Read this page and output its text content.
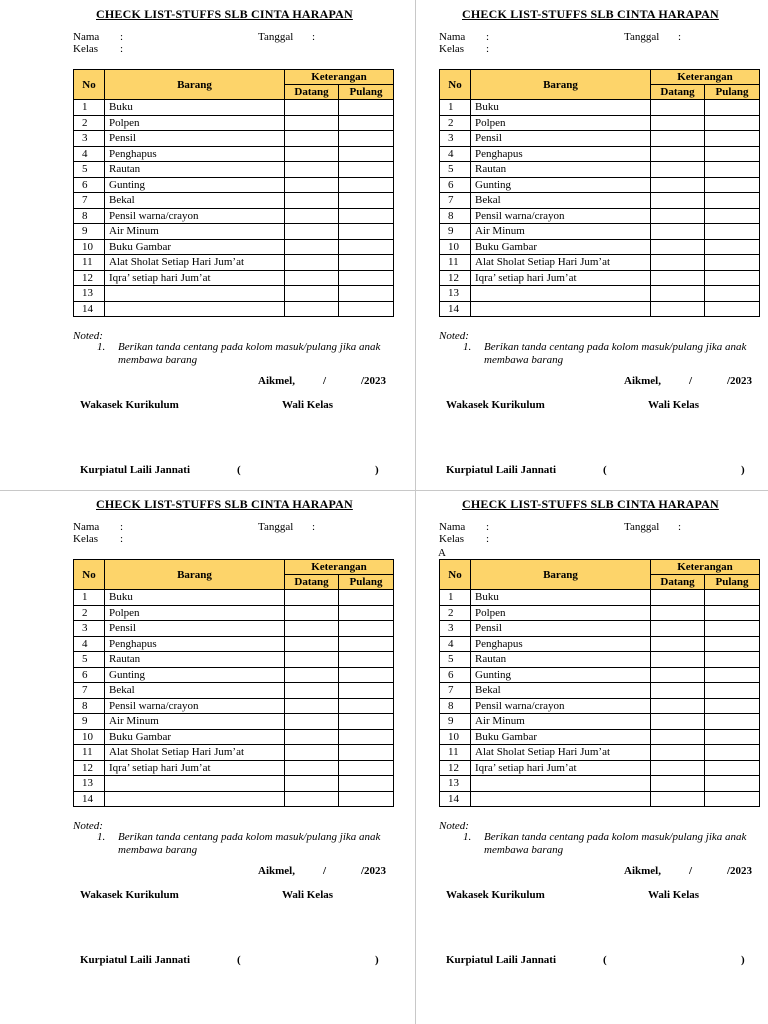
CHECK LIST-STUFFS SLB CINTA HARAPAN
Nama :	Tanggal :
Kelas :
No	Barang	Keterangan	
		Datang	Pulang
1	Buku		
2	Polpen		
3	Pensil		
4	Penghapus		
5	Rautan		
6	Gunting		
7	Bekal		
8	Pensil warna/crayon		
9	Air Minum		
10	Buku Gambar		
11	Alat Sholat Setiap Hari Jum’at		
12	Iqra’ setiap hari Jum’at		
13			
14			
Noted:
1. Berikan tanda centang pada kolom masuk/pulang jika anak membawa barang
Aikmel,	/	/2023
Wakasek Kurikulum	Wali Kelas
Kurpiatul Laili Jannati	(	)
CHECK LIST-STUFFS SLB CINTA HARAPAN
Nama :	Tanggal :
Kelas :
No	Barang	Keterangan	
		Datang	Pulang
1	Buku		
2	Polpen		
3	Pensil		
4	Penghapus		
5	Rautan		
6	Gunting		
7	Bekal		
8	Pensil warna/crayon		
9	Air Minum		
10	Buku Gambar		
11	Alat Sholat Setiap Hari Jum’at		
12	Iqra’ setiap hari Jum’at		
13			
14			
Noted:
1. Berikan tanda centang pada kolom masuk/pulang jika anak membawa barang
Aikmel,	/	/2023
Wakasek Kurikulum	Wali Kelas
Kurpiatul Laili Jannati	(	)
CHECK LIST-STUFFS SLB CINTA HARAPAN
Nama :	Tanggal :
Kelas :
No	Barang	Keterangan	
		Datang	Pulang
1	Buku		
2	Polpen		
3	Pensil		
4	Penghapus		
5	Rautan		
6	Gunting		
7	Bekal		
8	Pensil warna/crayon		
9	Air Minum		
10	Buku Gambar		
11	Alat Sholat Setiap Hari Jum’at		
12	Iqra’ setiap hari Jum’at		
13			
14			
Noted:
1. Berikan tanda centang pada kolom masuk/pulang jika anak membawa barang
Aikmel,	/	/2023
Wakasek Kurikulum	Wali Kelas
Kurpiatul Laili Jannati	(	)
CHECK LIST-STUFFS SLB CINTA HARAPAN
Nama :	Tanggal :
Kelas :
No	Barang	Keterangan	
		Datang	Pulang
1	Buku		
2	Polpen		
3	Pensil		
4	Penghapus		
5	Rautan		
6	Gunting		
7	Bekal		
8	Pensil warna/crayon		
9	Air Minum		
10	Buku Gambar		
11	Alat Sholat Setiap Hari Jum’at		
12	Iqra’ setiap hari Jum’at		
13			
14			
Noted:
1. Berikan tanda centang pada kolom masuk/pulang jika anak membawa barang
Aikmel,	/	/2023
Wakasek Kurikulum	Wali Kelas
Kurpiatul Laili Jannati	(	)
A
